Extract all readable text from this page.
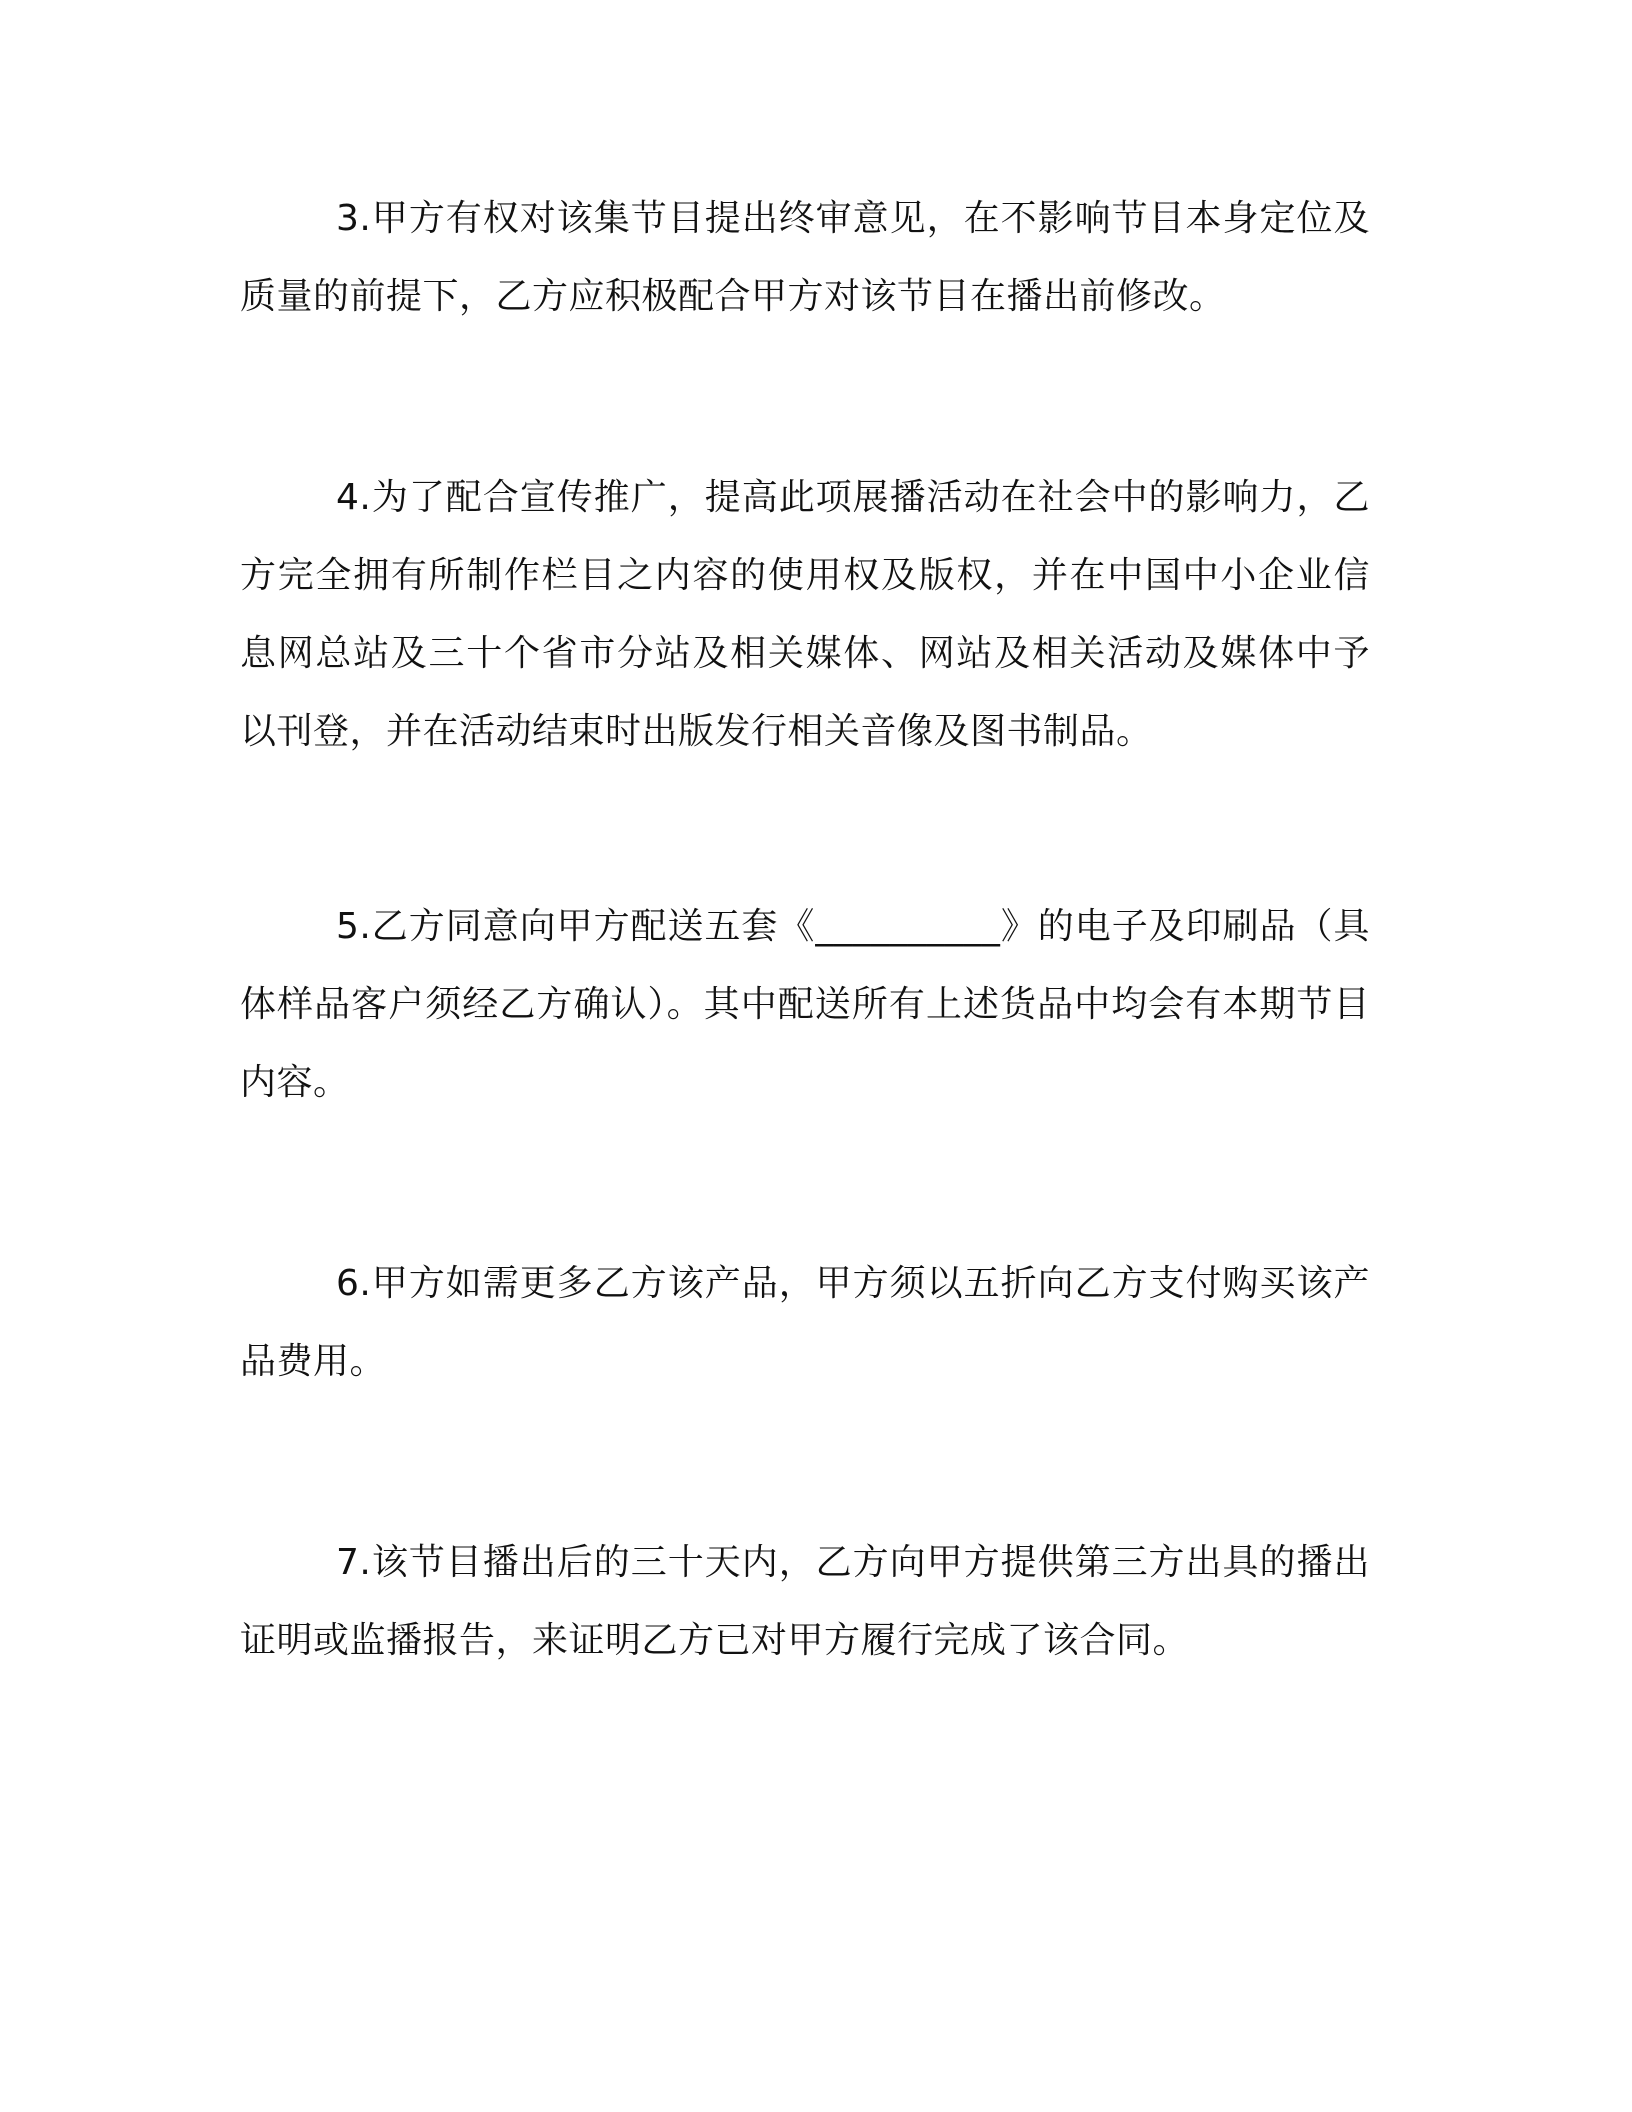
3.甲方有权对该集节目提出终审意见，在不影响节目本身定位及质量的前提下，乙方应积极配合甲方对该节目在播出前修改。

4.为了配合宣传推广，提高此项展播活动在社会中的影响力，乙方完全拥有所制作栏目之内容的使用权及版权，并在中国中小企业信息网总站及三十个省市分站及相关媒体、网站及相关活动及媒体中予以刊登，并在活动结束时出版发行相关音像及图书制品。

5.乙方同意向甲方配送五套《__________》的电子及印刷品（具体样品客户须经乙方确认）。其中配送所有上述货品中均会有本期节目内容。

6.甲方如需更多乙方该产品，甲方须以五折向乙方支付购买该产品费用。

7.该节目播出后的三十天内，乙方向甲方提供第三方出具的播出证明或监播报告，来证明乙方已对甲方履行完成了该合同。
